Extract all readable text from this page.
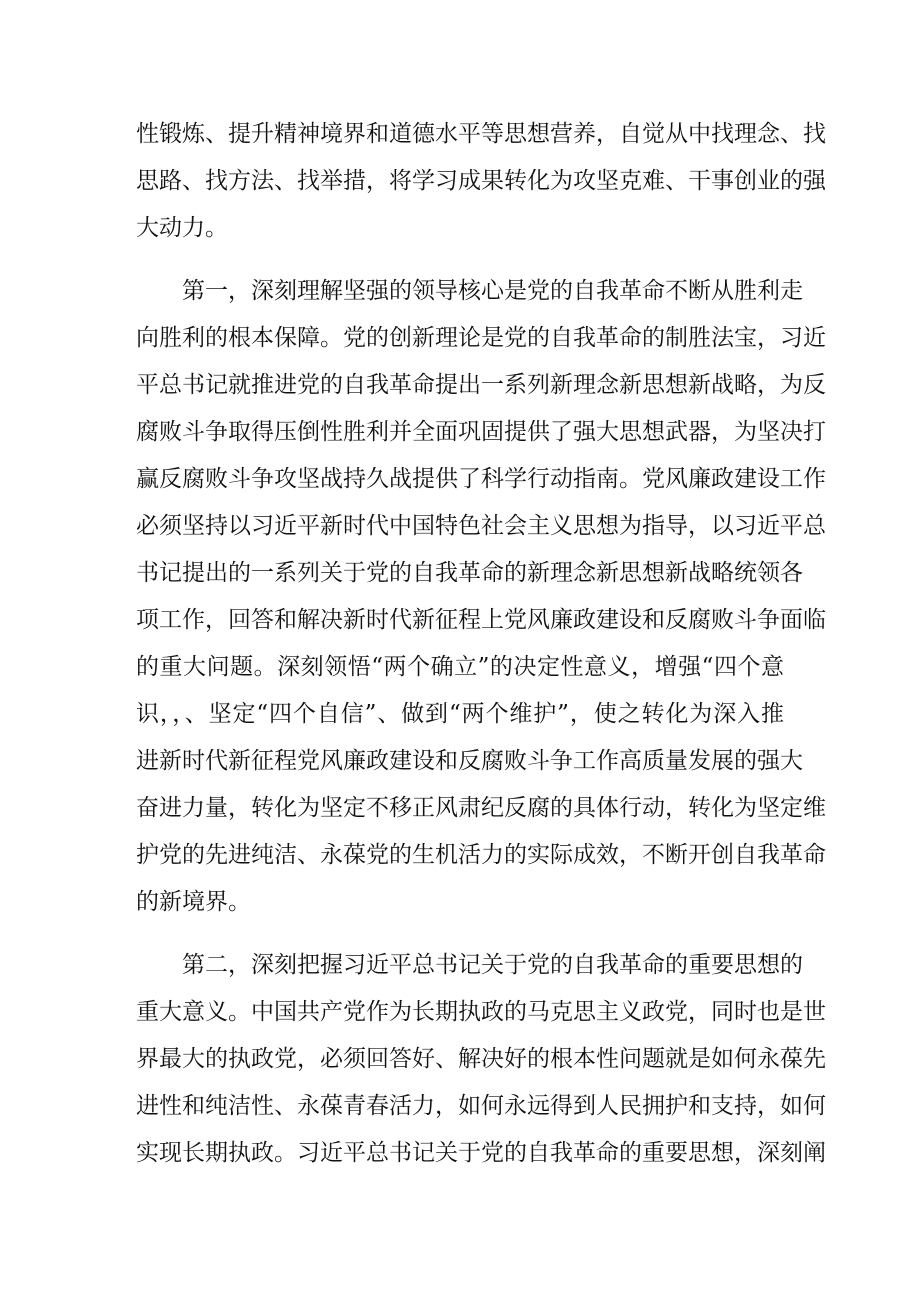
性锻炼、提升精神境界和道德水平等思想营养，自觉从中找理念、找
思路、找方法、找举措，将学习成果转化为攻坚克难、干事创业的强
大动力。
第一，深刻理解坚强的领导核心是党的自我革命不断从胜利走
向胜利的根本保障。党的创新理论是党的自我革命的制胜法宝，习近
平总书记就推进党的自我革命提出一系列新理念新思想新战略，为反
腐败斗争取得压倒性胜利并全面巩固提供了强大思想武器，为坚决打
赢反腐败斗争攻坚战持久战提供了科学行动指南。党风廉政建设工作
必须坚持以习近平新时代中国特色社会主义思想为指导，以习近平总
书记提出的一系列关于党的自我革命的新理念新思想新战略统领各
项工作，回答和解决新时代新征程上党风廉政建设和反腐败斗争面临
的重大问题。深刻领悟“两个确立”的决定性意义，增强“四个意
识，，、坚定“四个自信”、做到“两个维护”，使之转化为深入推
进新时代新征程党风廉政建设和反腐败斗争工作高质量发展的强大
奋进力量，转化为坚定不移正风肃纪反腐的具体行动，转化为坚定维
护党的先进纯洁、永葆党的生机活力的实际成效，不断开创自我革命
的新境界。
第二，深刻把握习近平总书记关于党的自我革命的重要思想的
重大意义。中国共产党作为长期执政的马克思主义政党，同时也是世
界最大的执政党，必须回答好、解决好的根本性问题就是如何永葆先
进性和纯洁性、永葆青春活力，如何永远得到人民拥护和支持，如何
实现长期执政。习近平总书记关于党的自我革命的重要思想，深刻阐
